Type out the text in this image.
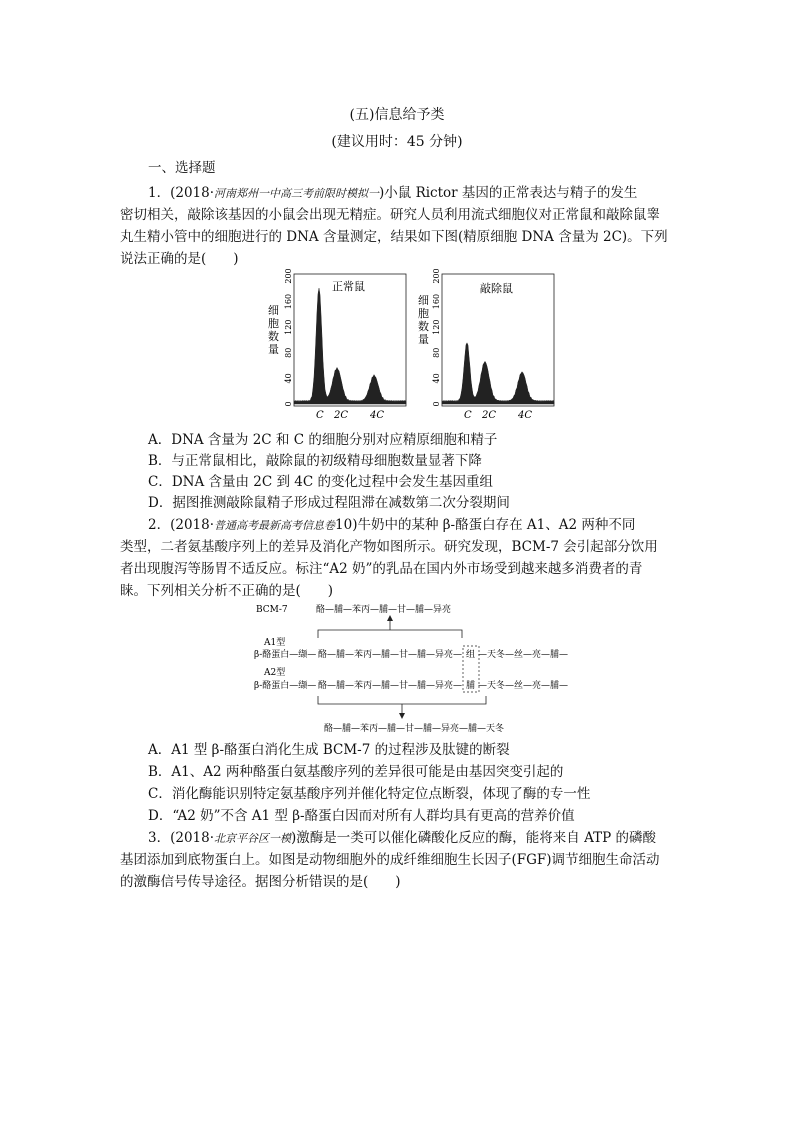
(五)信息给予类
(建议用时：45 分钟)
一、选择题
1．(2018·河南郑州一中高三考前限时模拟一)小鼠 Rictor 基因的正常表达与精子的发生
密切相关，敲除该基因的小鼠会出现无精症。研究人员利用流式细胞仪对正常鼠和敲除鼠睾
丸生精小管中的细胞进行的 DNA 含量测定，结果如下图(精原细胞 DNA 含量为 2C)。下列
说法正确的是(　　)
细胞数量
200
160
120
80
40
0
正常鼠
C 2C 4C
细胞数量
200
160
120
80
40
0
敲除鼠
C 2C 4C
A．DNA 含量为 2C 和 C 的细胞分别对应精原细胞和精子
B．与正常鼠相比，敲除鼠的初级精母细胞数量显著下降
C．DNA 含量由 2C 到 4C 的变化过程中会发生基因重组
D．据图推测敲除鼠精子形成过程阻滞在减数第二次分裂期间
2．(2018·普通高考最新高考信息卷10)牛奶中的某种 β-酪蛋白存在 A1、A2 两种不同
类型，二者氨基酸序列上的差异及消化产物如图所示。研究发现，BCM-7 会引起部分饮用
者出现腹泻等肠胃不适反应。标注“A2 奶”的乳品在国内外市场受到越来越多消费者的青
睐。下列相关分析不正确的是(　　)
BCM-7	酪—脯—苯丙—脯—甘—脯—异亮
A1型
β-酪蛋白—缬— 酪—脯—苯丙—脯—甘—脯—异亮— 组 —天冬—丝—亮—脯—
A2型
β-酪蛋白—缬— 酪—脯—苯丙—脯—甘—脯—异亮— 脯 —天冬—丝—亮—脯—
酪—脯—苯丙—脯—甘—脯—异亮—脯—天冬
A．A1 型 β-酪蛋白消化生成 BCM-7 的过程涉及肽键的断裂
B．A1、A2 两种酪蛋白氨基酸序列的差异很可能是由基因突变引起的
C．消化酶能识别特定氨基酸序列并催化特定位点断裂，体现了酶的专一性
D．“A2 奶”不含 A1 型 β-酪蛋白因而对所有人群均具有更高的营养价值
3．(2018·北京平谷区一模)激酶是一类可以催化磷酸化反应的酶，能将来自 ATP 的磷酸
基团添加到底物蛋白上。如图是动物细胞外的成纤维细胞生长因子(FGF)调节细胞生命活动
的激酶信号传导途径。据图分析错误的是(　　)
